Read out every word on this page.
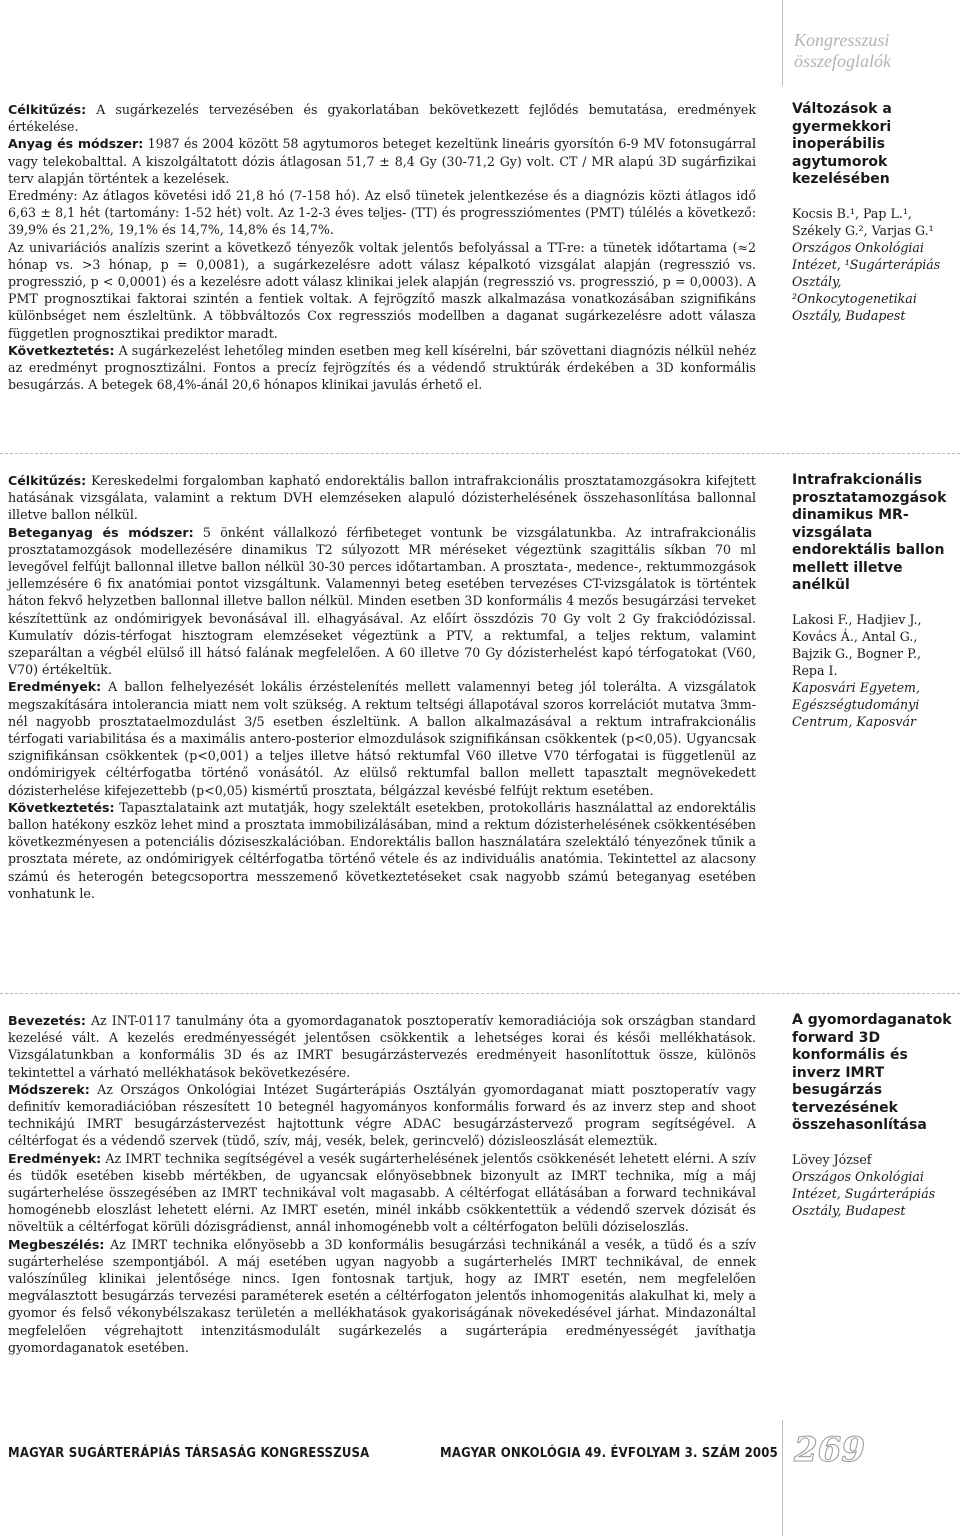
Kongresszusi összefoglalók

Célkitűzés: A sugárkezelés tervezésében és gyakorlatában bekövetkezett fejlődés bemutatása, eredmények értékelése.

Anyag és módszer: 1987 és 2004 között 58 agytumoros beteget kezeltünk lineáris gyorsítón 6-9 MV fotonsugárral vagy telekobalttal. A kiszolgáltatott dózis átlagosan 51,7 ± 8,4 Gy (30-71,2 Gy) volt. CT / MR alapú 3D sugárfizikai terv alapján történtek a kezelések.

Eredmény: Az átlagos követési idő 21,8 hó (7-158 hó). Az első tünetek jelentkezése és a diagnózis közti átlagos idő 6,63 ± 8,1 hét (tartomány: 1-52 hét) volt. Az 1-2-3 éves teljes- (TT) és progressziómentes (PMT) túlélés a következő: 39,9% és 21,2%, 19,1% és 14,7%, 14,8% és 14,7%.

Az univariációs analízis szerint a következő tényezők voltak jelentős befolyással a TT-re: a tünetek időtartama (≈2 hónap vs. >3 hónap, p = 0,0081), a sugárkezelésre adott válasz képalkotó vizsgálat alapján (regresszió vs. progresszió, p < 0,0001) és a kezelésre adott válasz klinikai jelek alapján (regresszió vs. progresszió, p = 0,0003). A PMT prognosztikai faktorai szintén a fentiek voltak. A fejrögzítő maszk alkalmazása vonatkozásában szignifikáns különbséget nem észleltünk. A többváltozós Cox regressziós modellben a daganat sugárkezelésre adott válasza független prognosztikai prediktor maradt.

Következtetés: A sugárkezelést lehetőleg minden esetben meg kell kísérelni, bár szövettani diagnózis nélkül nehéz az eredményt prognosztizálni. Fontos a precíz fejrögzítés és a védendő struktúrák érdekében a 3D konformális besugárzás. A betegek 68,4%-ánál 20,6 hónapos klinikai javulás érhető el.

Változások a gyermekkori inoperábilis agytumorok kezelésében

Kocsis B.¹, Pap L.¹,

Székely G.², Varjas G.¹

Országos Onkológiai Intézet, ¹Sugárterápiás Osztály, ²Onkocytogenetikai Osztály, Budapest

Célkitűzés: Kereskedelmi forgalomban kapható endorektális ballon intrafrakcionális prosztatamozgásokra kifejtett hatásának vizsgálata, valamint a rektum DVH elemzéseken alapuló dózisterhelésének összehasonlítása ballonnal illetve ballon nélkül.

Beteganyag és módszer: 5 önként vállalkozó férfibeteget vontunk be vizsgálatunkba. Az intrafrakcionális prosztatamozgások modellezésére dinamikus T2 súlyozott MR méréseket végeztünk szagittális síkban 70 ml levegővel felfújt ballonnal illetve ballon nélkül 30-30 perces időtartamban. A prosztata-, medence-, rektummozgások jellemzésére 6 fix anatómiai pontot vizsgáltunk. Valamennyi beteg esetében tervezéses CT-vizsgálatok is történtek háton fekvő helyzetben ballonnal illetve ballon nélkül. Minden esetben 3D konformális 4 mezős besugárzási terveket készítettünk az ondómirigyek bevonásával ill. elhagyásával. Az előírt összdózis 70 Gy volt 2 Gy frakciódózissal. Kumulatív dózis-térfogat hisztogram elemzéseket végeztünk a PTV, a rektumfal, a teljes rektum, valamint szeparáltan a végbél elülső ill hátsó falának megfelelően. A 60 illetve 70 Gy dózisterhelést kapó térfogatokat (V60, V70) értékeltük.

Eredmények: A ballon felhelyezését lokális érzéstelenítés mellett valamennyi beteg jól tolerálta. A vizsgálatok megszakítására intolerancia miatt nem volt szükség. A rektum teltségi állapotával szoros korrelációt mutatva 3mm-nél nagyobb prosztataelmozdulást 3/5 esetben észleltünk. A ballon alkalmazásával a rektum intrafrakcionális térfogati variabilitása és a maximális antero-posterior elmozdulások szignifikánsan csökkentek (p<0,05). Ugyancsak szignifikánsan csökkentek (p<0,001) a teljes illetve hátsó rektumfal V60 illetve V70 térfogatai is függetlenül az ondómirigyek céltérfogatba történő vonásától. Az elülső rektumfal ballon mellett tapasztalt megnövekedett dózisterhelése kifejezettebb (p<0,05) kismértű prosztata, bélgázzal kevésbé felfújt rektum esetében.

Következtetés: Tapasztalataink azt mutatják, hogy szelektált esetekben, protokolláris használattal az endorektális ballon hatékony eszköz lehet mind a prosztata immobilizálásában, mind a rektum dózisterhelésének csökkentésében következményesen a potenciális dóziseszkalációban. Endorektális ballon használatára szelektáló tényezőnek tűnik a prosztata mérete, az ondómirigyek céltérfogatba történő vétele és az individuális anatómia. Tekintettel az alacsony számú és heterogén betegcsoportra messzemenő következtetéseket csak nagyobb számú beteganyag esetében vonhatunk le.

Intrafrakcionális prosztatamozgások dinamikus MR-vizsgálata endorektális ballon mellett illetve anélkül

Lakosi F., Hadjiev J., Kovács Á., Antal G., Bajzik G., Bogner P., Repa I.

Kaposvári Egyetem, Egészségtudományi Centrum, Kaposvár

Bevezetés: Az INT-0117 tanulmány óta a gyomordaganatok posztoperatív kemoradiációja sok országban standard kezelésé vált. A kezelés eredményességét jelentősen csökkentik a lehetséges korai és késői mellékhatások. Vizsgálatunkban a konformális 3D és az IMRT besugárzástervezés eredményeit hasonlítottuk össze, különös tekintettel a várható mellékhatások bekövetkezésére.

Módszerek: Az Országos Onkológiai Intézet Sugárterápiás Osztályán gyomordaganat miatt posztoperatív vagy definitív kemoradiációban részesített 10 betegnél hagyományos konformális forward és az inverz step and shoot technikájú IMRT besugárzástervezést hajtottunk végre ADAC besugárzástervező program segítségével. A céltérfogat és a védendő szervek (tüdő, szív, máj, vesék, belek, gerincvelő) dózisleoszlását elemeztük.

Eredmények: Az IMRT technika segítségével a vesék sugárterhelésének jelentős csökkenését lehetett elérni. A szív és tüdők esetében kisebb mértékben, de ugyancsak előnyösebbnek bizonyult az IMRT technika, míg a máj sugárterhelése összegésében az IMRT technikával volt magasabb. A céltérfogat ellátásában a forward technikával homogénebb eloszlást lehetett elérni. Az IMRT esetén, minél inkább csökkentettük a védendő szervek dózisát és növeltük a céltérfogat körüli dózisgrádienst, annál inhomogénebb volt a céltérfogaton belüli dóziseloszlás.

Megbeszélés: Az IMRT technika előnyösebb a 3D konformális besugárzási technikánál a vesék, a tüdő és a szív sugárterhelése szempontjából. A máj esetében ugyan nagyobb a sugárterhelés IMRT technikával, de ennek valószínűleg klinikai jelentősége nincs. Igen fontosnak tartjuk, hogy az IMRT esetén, nem megfelelően megválasztott besugárzás tervezési paraméterek esetén a céltérfogaton jelentős inhomogenitás alakulhat ki, mely a gyomor és felső vékonybélszakasz területén a mellékhatások gyakoriságának növekedésével járhat. Mindazonáltal megfelelően végrehajtott intenzitásmodulált sugárkezelés a sugárterápia eredményességét javíthatja gyomordaganatok esetében.

A gyomordaganatok forward 3D konformális és inverz IMRT besugárzás tervezésének összehasonlítása

Lövey József

Országos Onkológiai Intézet, Sugárterápiás Osztály, Budapest

MAGYAR SUGÁRTERÁPIÁS TÁRSASÁG KONGRESSZUSA	MAGYAR ONKOLÓGIA 49. ÉVFOLYAM 3. SZÁM 2005 269
